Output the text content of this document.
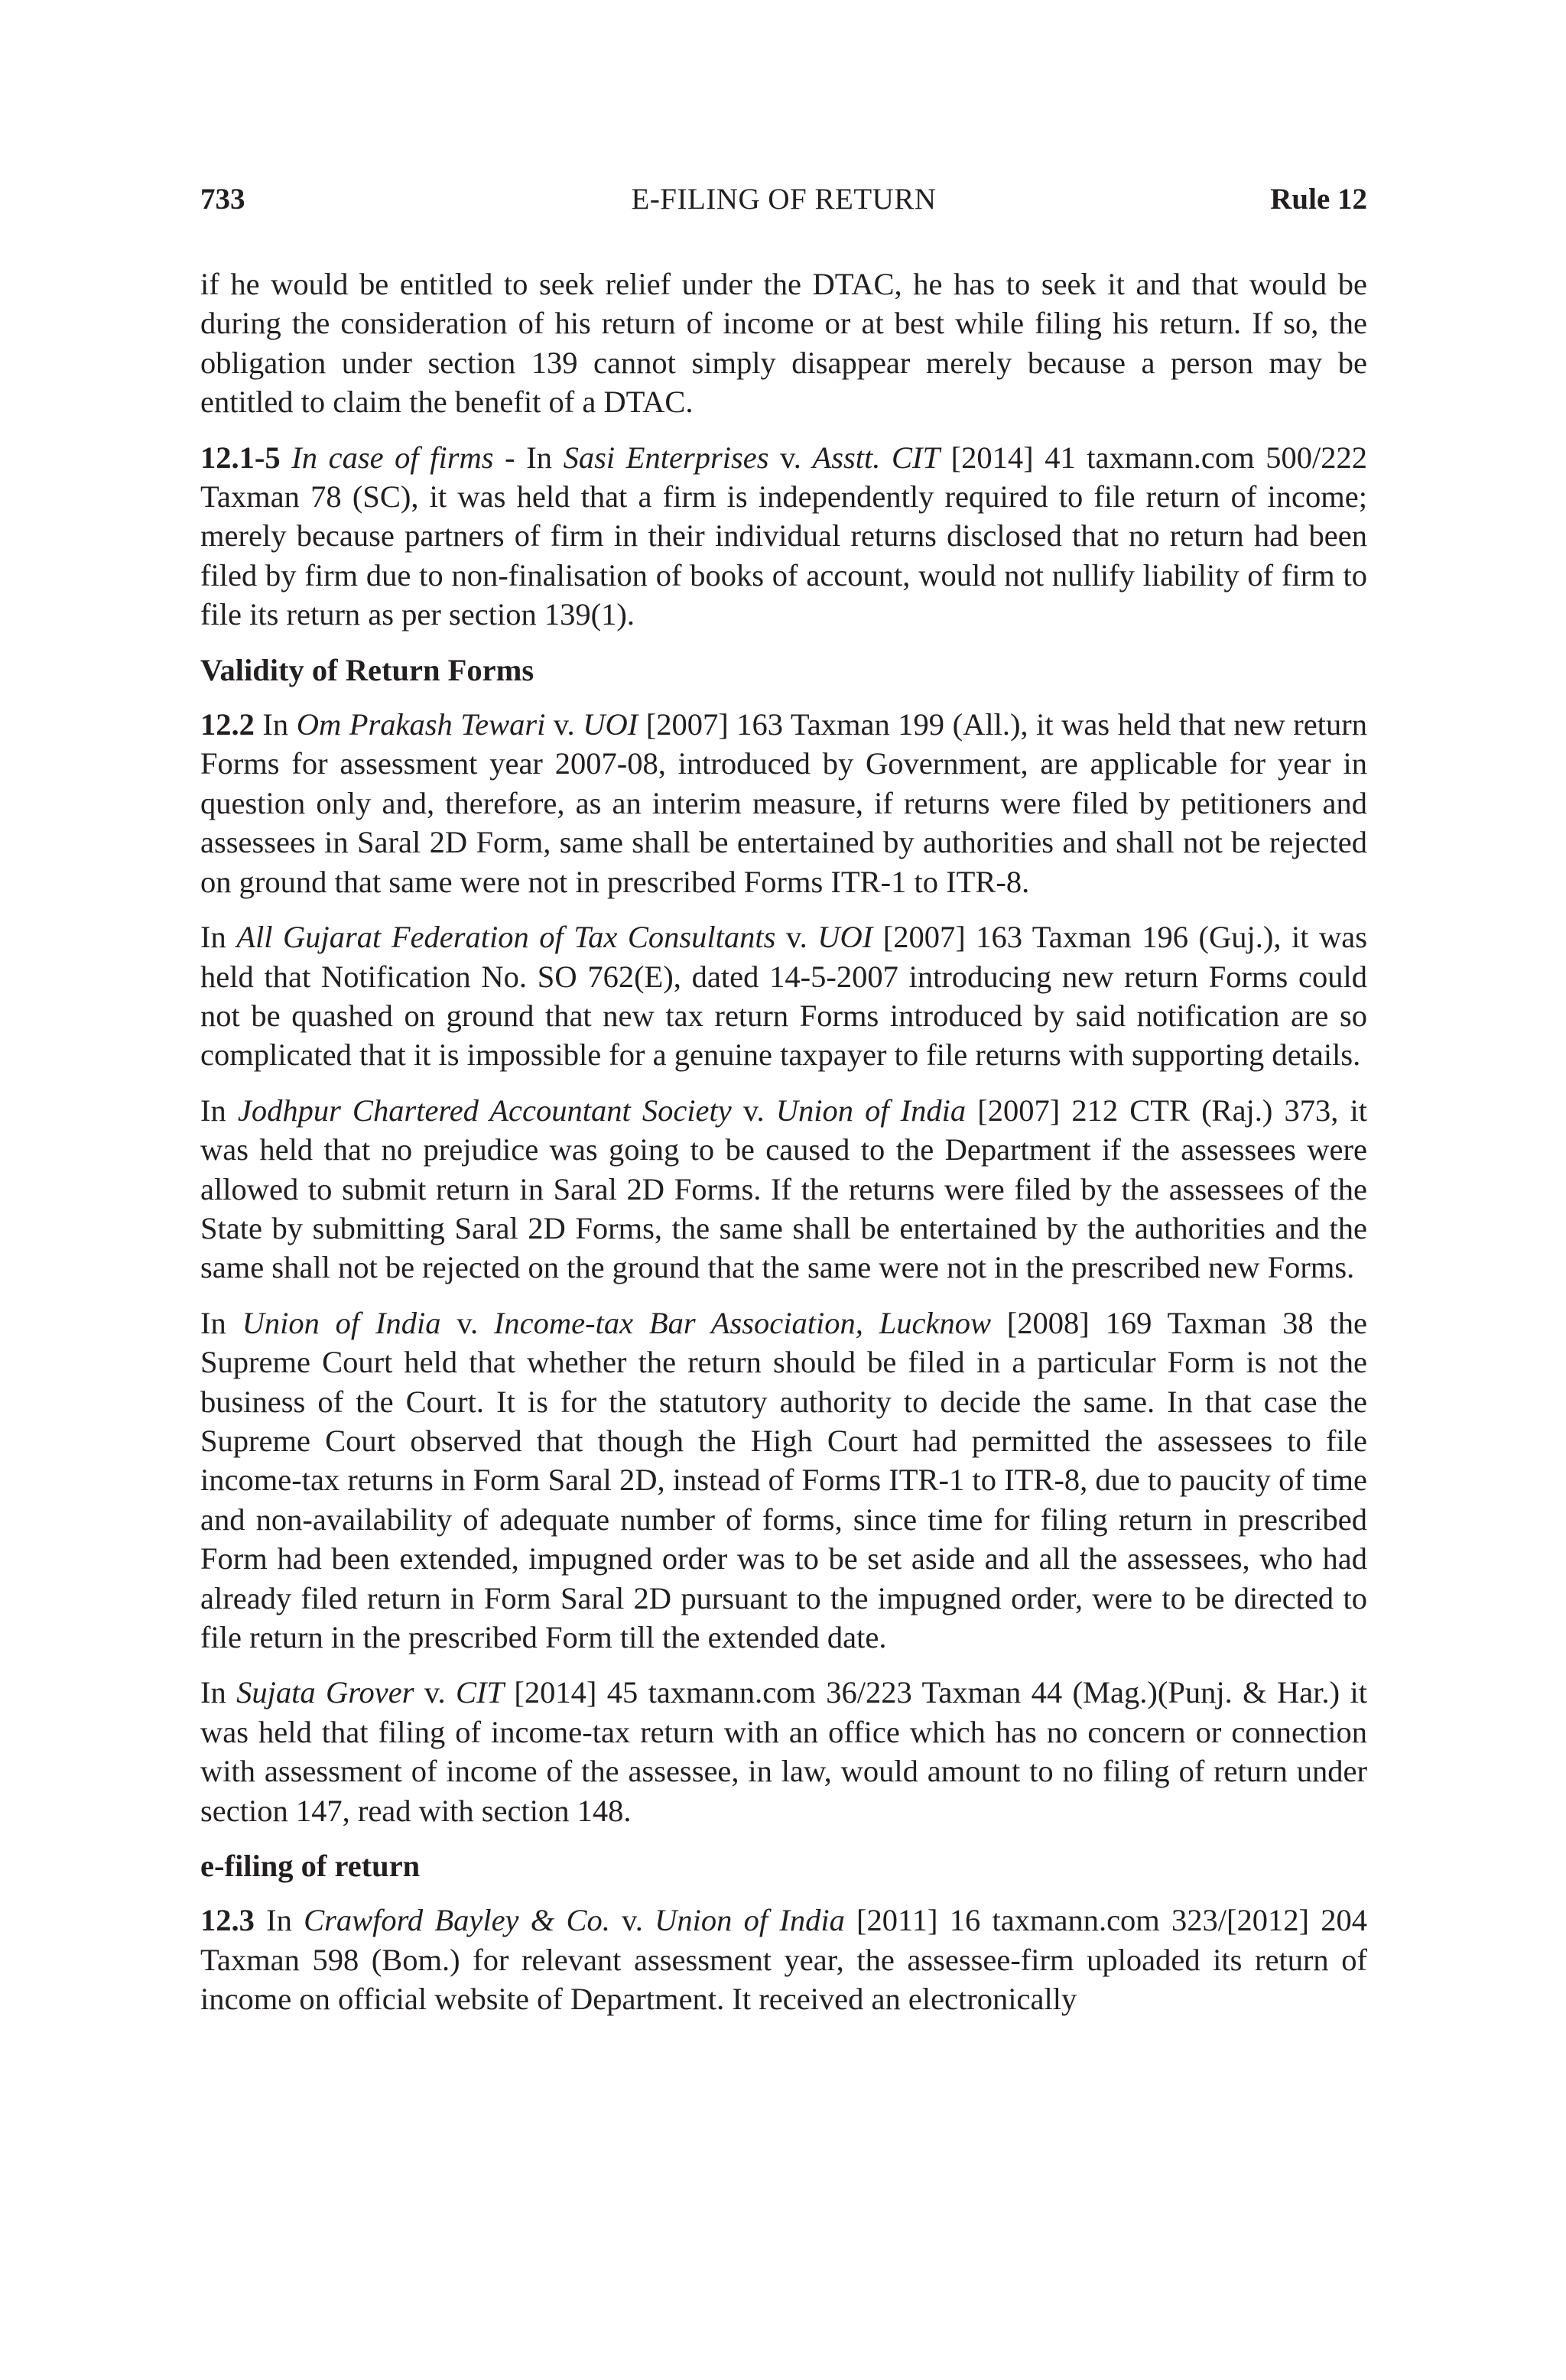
733	E-FILING OF RETURN	Rule 12

if he would be entitled to seek relief under the DTAC, he has to seek it and that would be during the consideration of his return of income or at best while filing his return. If so, the obligation under section 139 cannot simply disappear merely because a person may be entitled to claim the benefit of a DTAC.

12.1-5 In case of firms - In Sasi Enterprises v. Asstt. CIT [2014] 41 taxmann.com 500/222 Taxman 78 (SC), it was held that a firm is independently required to file return of income; merely because partners of firm in their individual returns disclosed that no return had been filed by firm due to non-finalisation of books of account, would not nullify liability of firm to file its return as per section 139(1).

Validity of Return Forms

12.2 In Om Prakash Tewari v. UOI [2007] 163 Taxman 199 (All.), it was held that new return Forms for assessment year 2007-08, introduced by Government, are applicable for year in question only and, therefore, as an interim measure, if returns were filed by petitioners and assessees in Saral 2D Form, same shall be entertained by authorities and shall not be rejected on ground that same were not in prescribed Forms ITR-1 to ITR-8.

In All Gujarat Federation of Tax Consultants v. UOI [2007] 163 Taxman 196 (Guj.), it was held that Notification No. SO 762(E), dated 14-5-2007 introducing new return Forms could not be quashed on ground that new tax return Forms introduced by said notification are so complicated that it is impossible for a genuine taxpayer to file returns with supporting details.

In Jodhpur Chartered Accountant Society v. Union of India [2007] 212 CTR (Raj.) 373, it was held that no prejudice was going to be caused to the Department if the assessees were allowed to submit return in Saral 2D Forms. If the returns were filed by the assessees of the State by submitting Saral 2D Forms, the same shall be entertained by the authorities and the same shall not be rejected on the ground that the same were not in the prescribed new Forms.

In Union of India v. Income-tax Bar Association, Lucknow [2008] 169 Taxman 38 the Supreme Court held that whether the return should be filed in a particular Form is not the business of the Court. It is for the statutory authority to decide the same. In that case the Supreme Court observed that though the High Court had permitted the assessees to file income-tax returns in Form Saral 2D, instead of Forms ITR-1 to ITR-8, due to paucity of time and non-availability of adequate number of forms, since time for filing return in prescribed Form had been extended, impugned order was to be set aside and all the assessees, who had already filed return in Form Saral 2D pursuant to the impugned order, were to be directed to file return in the prescribed Form till the extended date.

In Sujata Grover v. CIT [2014] 45 taxmann.com 36/223 Taxman 44 (Mag.)(Punj. & Har.) it was held that filing of income-tax return with an office which has no concern or connection with assessment of income of the assessee, in law, would amount to no filing of return under section 147, read with section 148.

e-filing of return

12.3 In Crawford Bayley & Co. v. Union of India [2011] 16 taxmann.com 323/[2012] 204 Taxman 598 (Bom.) for relevant assessment year, the assessee-firm uploaded its return of income on official website of Department. It received an electronically
